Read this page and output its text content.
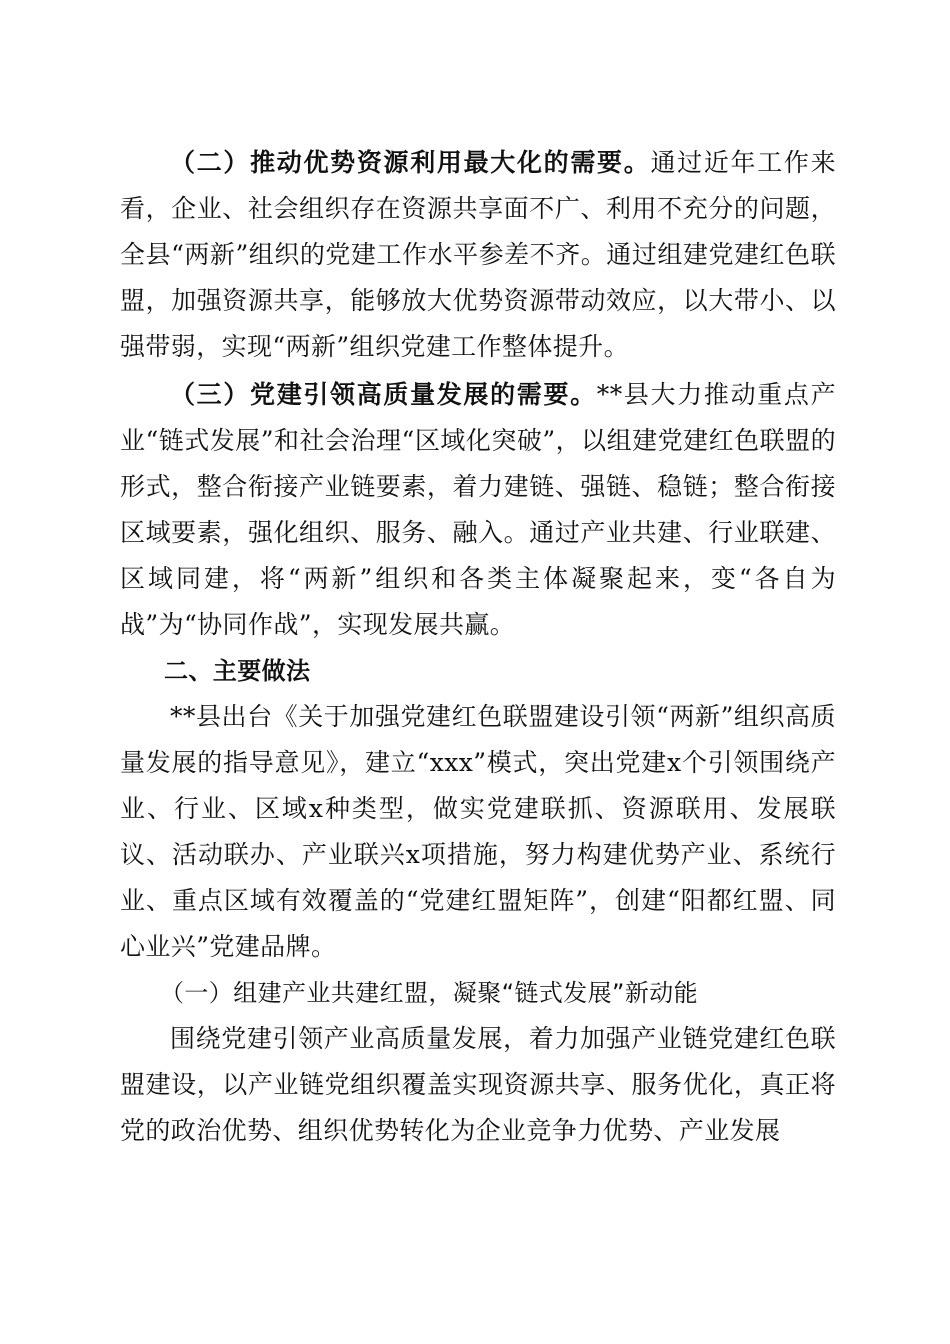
（二）推动优势资源利用最大化的需要。通过近年工作来看，企业、社会组织存在资源共享面不广、利用不充分的问题，全县“两新”组织的党建工作水平参差不齐。通过组建党建红色联盟，加强资源共享，能够放大优势资源带动效应，以大带小、以强带弱，实现“两新”组织党建工作整体提升。

（三）党建引领高质量发展的需要。**县大力推动重点产业“链式发展”和社会治理“区域化突破”，以组建党建红色联盟的形式，整合衔接产业链要素，着力建链、强链、稳链；整合衔接区域要素，强化组织、服务、融入。通过产业共建、行业联建、区域同建，将“两新”组织和各类主体凝聚起来，变“各自为战”为“协同作战”，实现发展共赢。

二、主要做法

**县出台《关于加强党建红色联盟建设引领“两新”组织高质量发展的指导意见》，建立“xxx”模式，突出党建x个引领围绕产业、行业、区域x种类型，做实党建联抓、资源联用、发展联议、活动联办、产业联兴x项措施，努力构建优势产业、系统行业、重点区域有效覆盖的“党建红盟矩阵”，创建“阳都红盟、同心业兴”党建品牌。

（一）组建产业共建红盟，凝聚“链式发展”新动能

围绕党建引领产业高质量发展，着力加强产业链党建红色联盟建设，以产业链党组织覆盖实现资源共享、服务优化，真正将党的政治优势、组织优势转化为企业竞争力优势、产业发展
